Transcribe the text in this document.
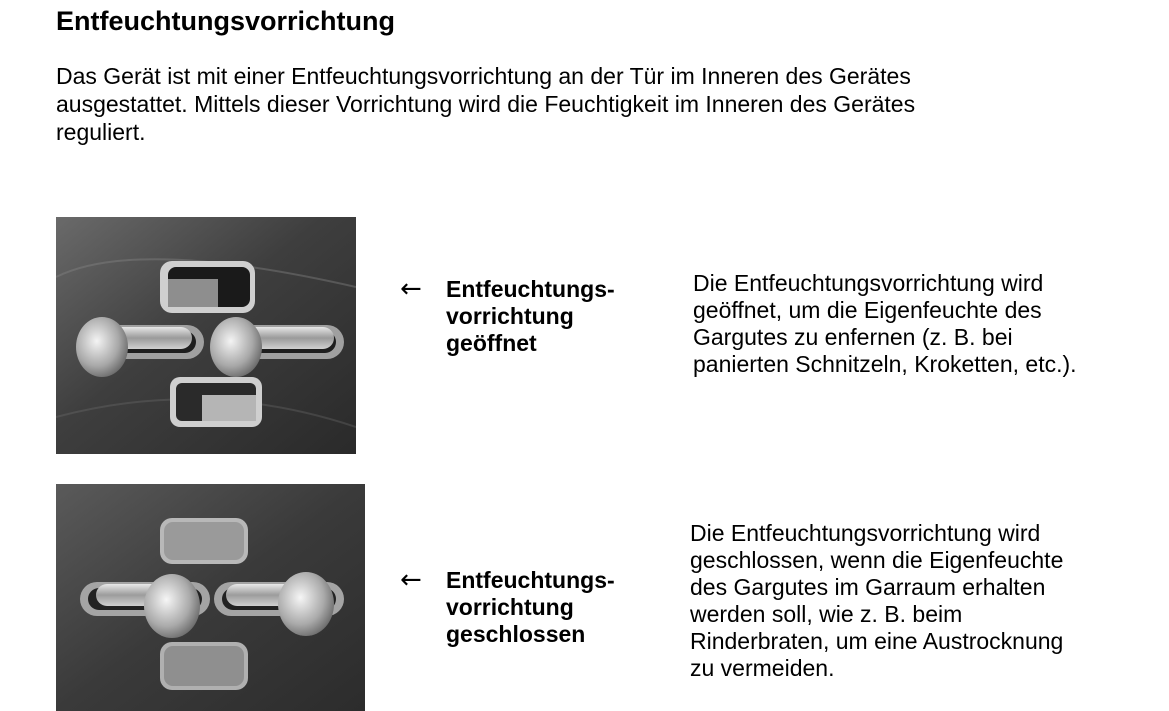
Entfeuchtungsvorrichtung
Das Gerät ist mit einer Entfeuchtungsvorrichtung an der Tür im Inneren des Gerätes
ausgestattet. Mittels dieser Vorrichtung wird die Feuchtigkeit im Inneren des Gerätes
reguliert.
← Entfeuchtungs-
vorrichtung
geöffnet
Die Entfeuchtungsvorrichtung wird
geöffnet, um die Eigenfeuchte des
Gargutes zu enfernen (z. B. bei
panierten Schnitzeln, Kroketten, etc.).
← Entfeuchtungs-
vorrichtung
geschlossen
Die Entfeuchtungsvorrichtung wird
geschlossen, wenn die Eigenfeuchte
des Gargutes im Garraum erhalten
werden soll, wie z. B. beim
Rinderbraten, um eine Austrocknung
zu vermeiden.
